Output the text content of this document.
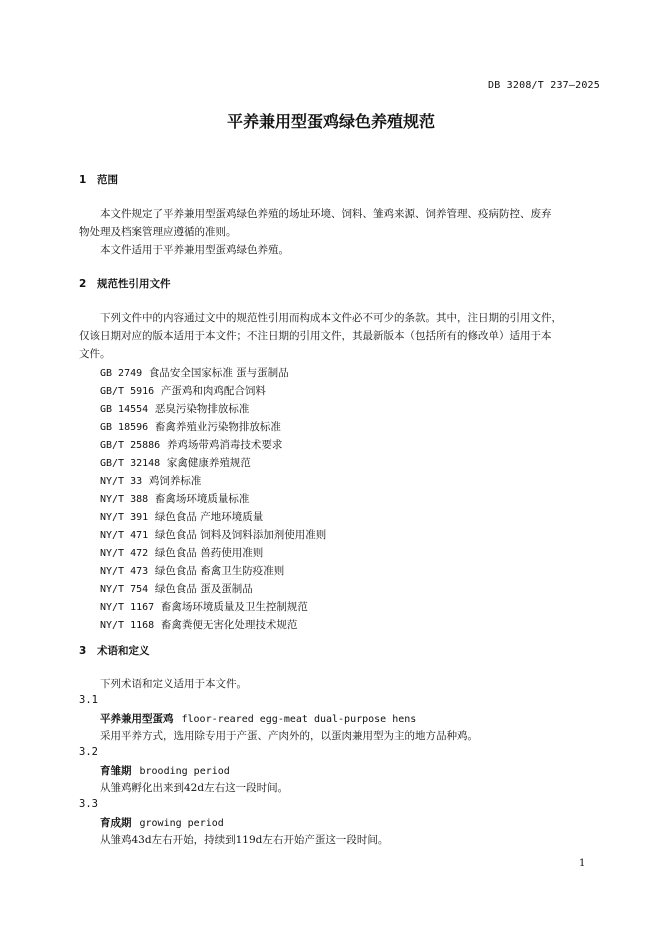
DB 3208/T 237—2025
平养兼用型蛋鸡绿色养殖规范
1 范围
本文件规定了平养兼用型蛋鸡绿色养殖的场址环境、饲料、雏鸡来源、饲养管理、疫病防控、废弃
物处理及档案管理应遵循的准则。
本文件适用于平养兼用型蛋鸡绿色养殖。
2 规范性引用文件
下列文件中的内容通过文中的规范性引用而构成本文件必不可少的条款。其中，注日期的引用文件，
仅该日期对应的版本适用于本文件；不注日期的引用文件，其最新版本（包括所有的修改单）适用于本
文件。
GB 2749 食品安全国家标准 蛋与蛋制品
GB/T 5916 产蛋鸡和肉鸡配合饲料
GB 14554 恶臭污染物排放标准
GB 18596 畜禽养殖业污染物排放标准
GB/T 25886 养鸡场带鸡消毒技术要求
GB/T 32148 家禽健康养殖规范
NY/T 33 鸡饲养标准
NY/T 388 畜禽场环境质量标准
NY/T 391 绿色食品 产地环境质量
NY/T 471 绿色食品 饲料及饲料添加剂使用准则
NY/T 472 绿色食品 兽药使用准则
NY/T 473 绿色食品 畜禽卫生防疫准则
NY/T 754 绿色食品 蛋及蛋制品
NY/T 1167 畜禽场环境质量及卫生控制规范
NY/T 1168 畜禽粪便无害化处理技术规范
3 术语和定义
下列术语和定义适用于本文件。
3.1
平养兼用型蛋鸡 floor-reared egg-meat dual-purpose hens
采用平养方式，选用除专用于产蛋、产肉外的，以蛋肉兼用型为主的地方品种鸡。
3.2
育雏期 brooding period
从雏鸡孵化出来到42d左右这一段时间。
3.3
育成期 growing period
从雏鸡43d左右开始，持续到119d左右开始产蛋这一段时间。
1
